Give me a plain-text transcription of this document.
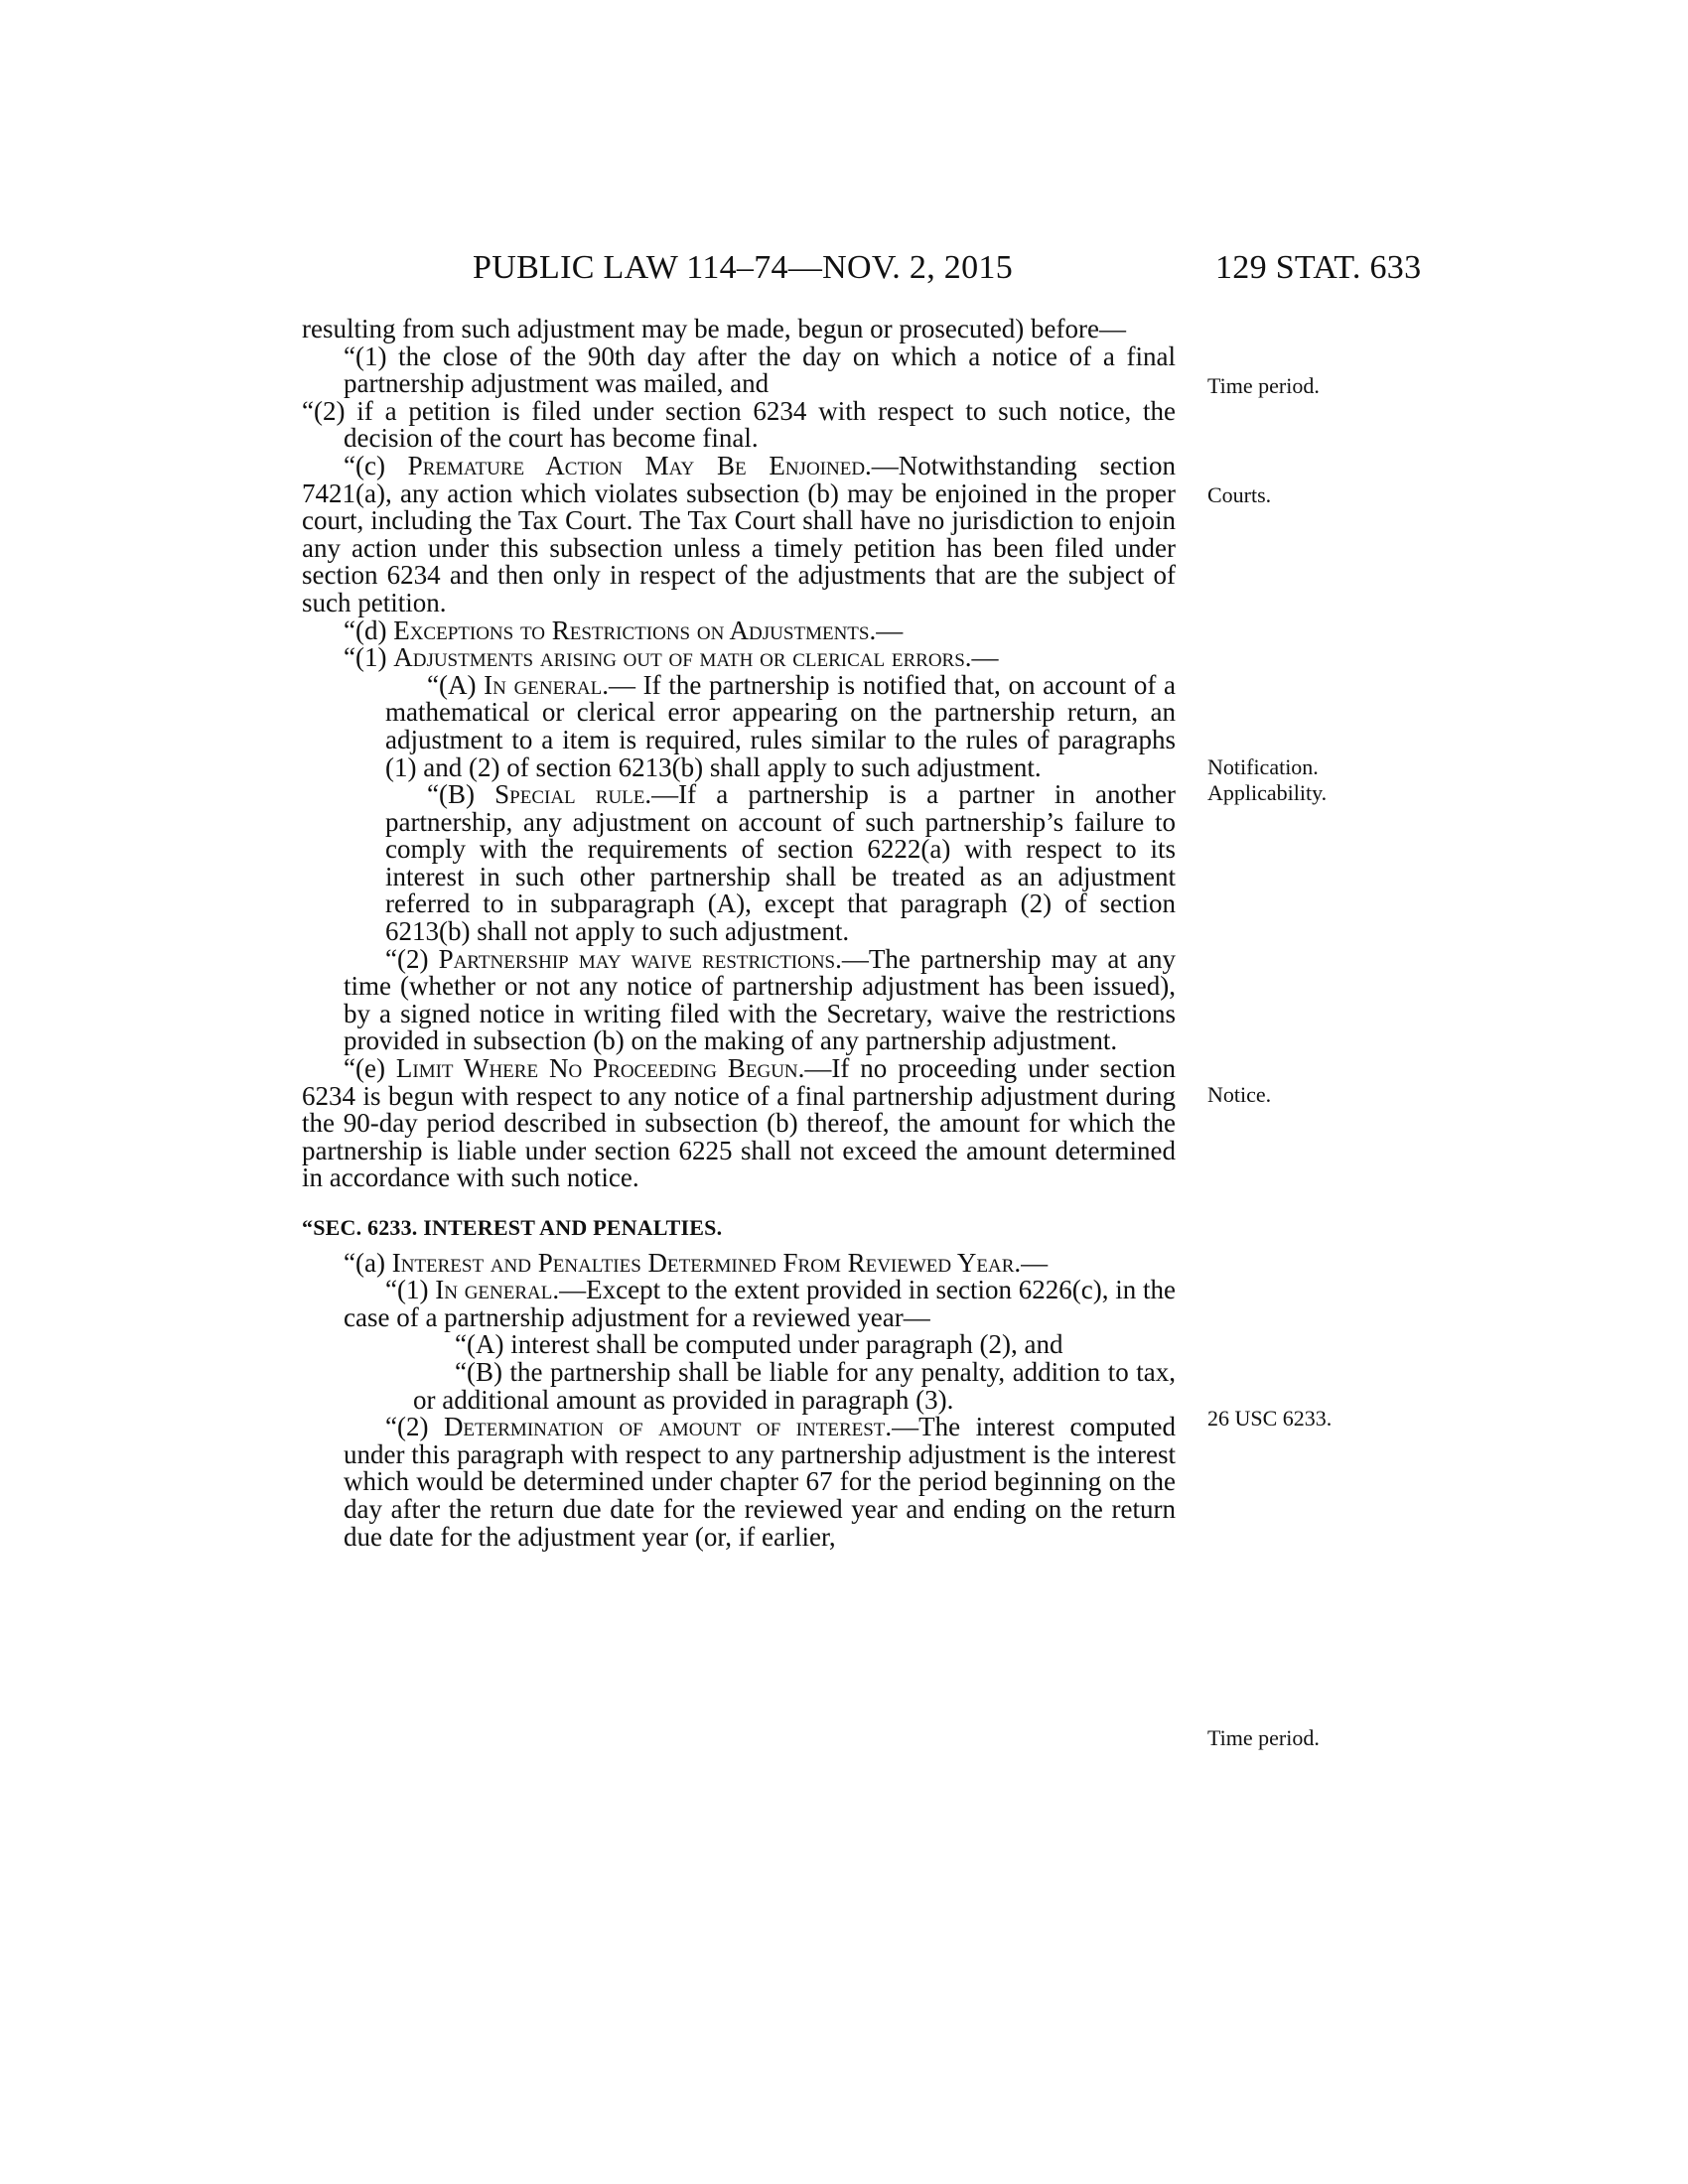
PUBLIC LAW 114–74—NOV. 2, 2015	129 STAT. 633

resulting from such adjustment may be made, begun or prosecuted) before—

“(1) the close of the 90th day after the day on which a notice of a final partnership adjustment was mailed, and

“(2) if a petition is filed under section 6234 with respect to such notice, the decision of the court has become final.

“(c) Premature Action May Be Enjoined.—Notwithstanding section 7421(a), any action which violates subsection (b) may be enjoined in the proper court, including the Tax Court. The Tax Court shall have no jurisdiction to enjoin any action under this subsection unless a timely petition has been filed under section 6234 and then only in respect of the adjustments that are the subject of such petition.

“(d) Exceptions to Restrictions on Adjustments.—

“(1) Adjustments arising out of math or clerical errors.—

“(A) In general.— If the partnership is notified that, on account of a mathematical or clerical error appearing on the partnership return, an adjustment to a item is required, rules similar to the rules of paragraphs (1) and (2) of section 6213(b) shall apply to such adjustment.

“(B) Special rule.—If a partnership is a partner in another partnership, any adjustment on account of such partnership’s failure to comply with the requirements of section 6222(a) with respect to its interest in such other partnership shall be treated as an adjustment referred to in subparagraph (A), except that paragraph (2) of section 6213(b) shall not apply to such adjustment.

“(2) Partnership may waive restrictions.—The partnership may at any time (whether or not any notice of partnership adjustment has been issued), by a signed notice in writing filed with the Secretary, waive the restrictions provided in subsection (b) on the making of any partnership adjustment.

“(e) Limit Where No Proceeding Begun.—If no proceeding under section 6234 is begun with respect to any notice of a final partnership adjustment during the 90-day period described in subsection (b) thereof, the amount for which the partnership is liable under section 6225 shall not exceed the amount determined in accordance with such notice.

“SEC. 6233. INTEREST AND PENALTIES.

“(a) Interest and Penalties Determined From Reviewed Year.—

“(1) In general.—Except to the extent provided in section 6226(c), in the case of a partnership adjustment for a reviewed year—

“(A) interest shall be computed under paragraph (2), and

“(B) the partnership shall be liable for any penalty, addition to tax, or additional amount as provided in paragraph (3).

“(2) Determination of amount of interest.—The interest computed under this paragraph with respect to any partnership adjustment is the interest which would be determined under chapter 67 for the period beginning on the day after the return due date for the reviewed year and ending on the return due date for the adjustment year (or, if earlier,

Time period.
Courts.
Notification.
Applicability.
Notice.
26 USC 6233.
Time period.
